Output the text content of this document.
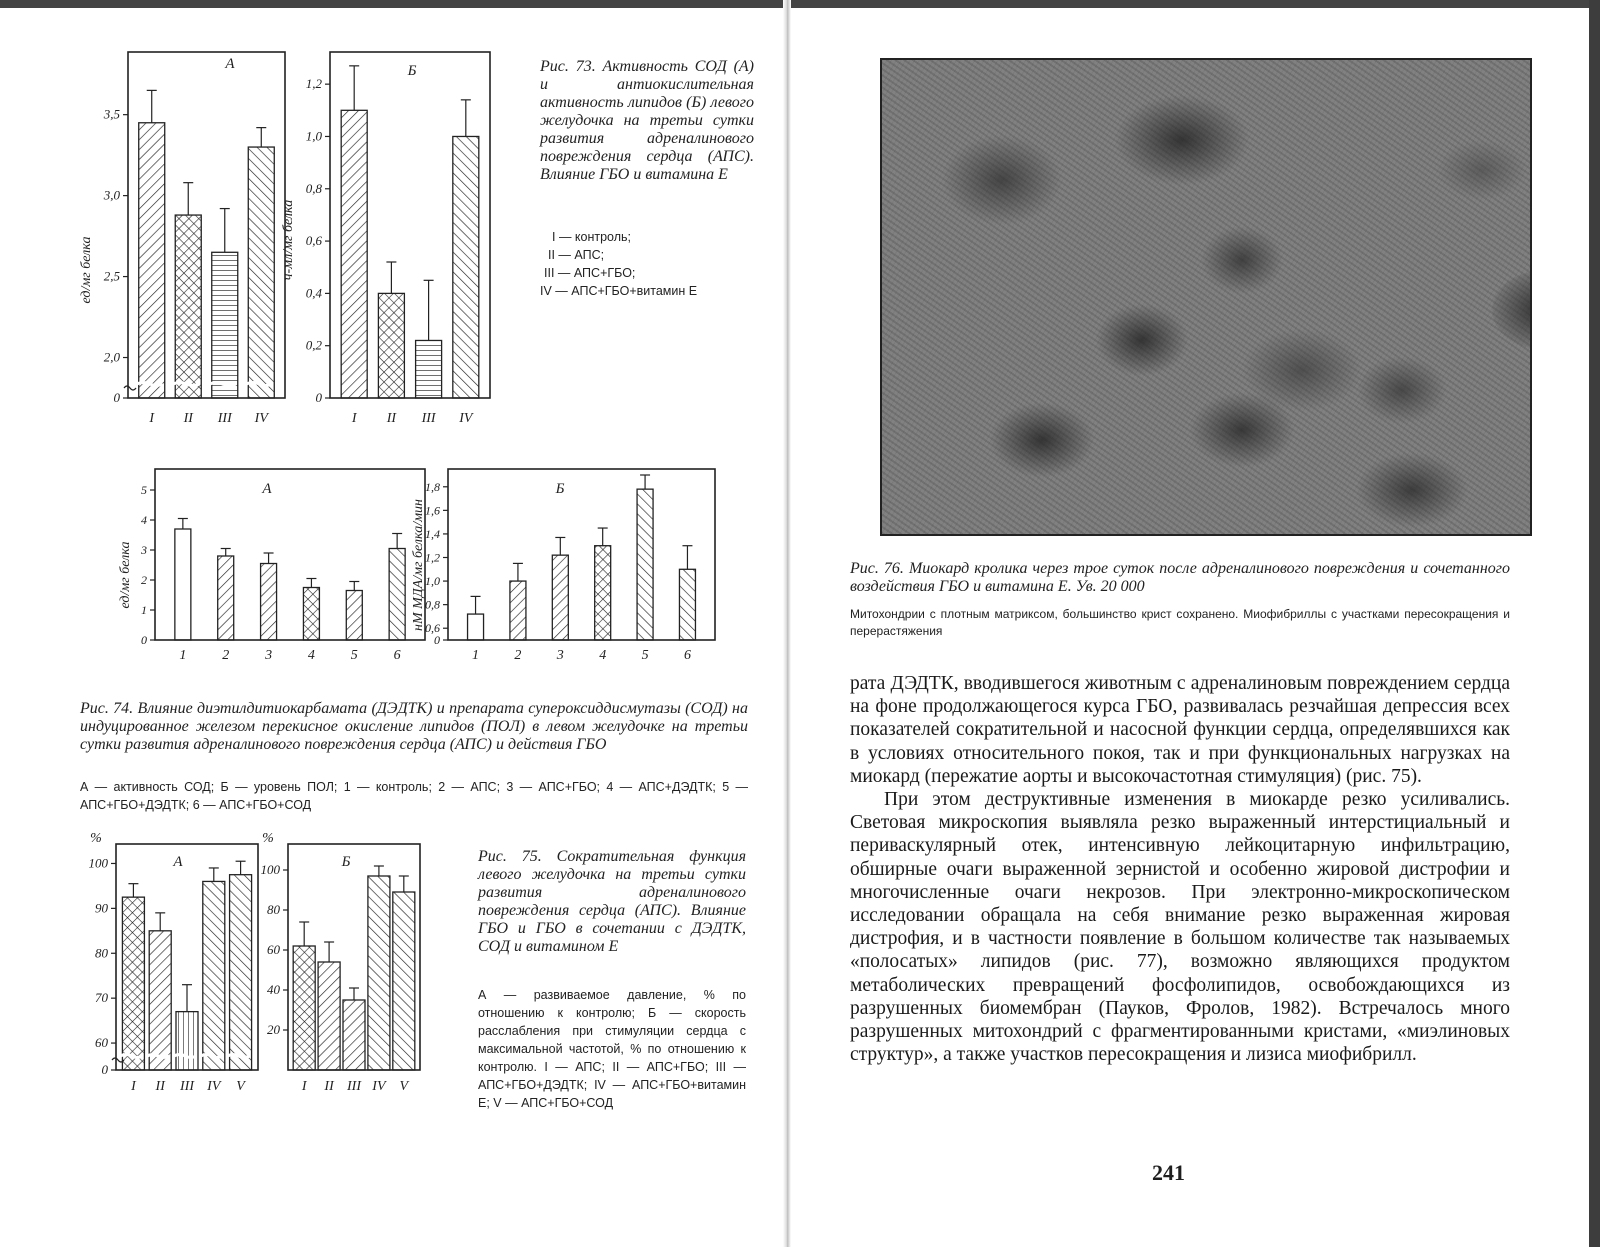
0
2,0
2,5
3,0
3,5
I II III IV
А
ед/мг белка
0
0,2
0,4
0,6
0,8
1,0
1,2
I II III IV
Б
ч-мл/мг белка
0
1
2
3
4
5
1	2	3	4	5	6
А
ед/мг белка
0
0,6
0,8
1,0
1,2
1,4
1,6
1,8
1	2	3	4	5	6
Б
нМ МДА/мг белка/мин
0
60
70
80
90
100
I II III IV V
А
%
20
40
60
80
100
I II III IV V
Б
%
Рис. 73. Активность СОД (А) и антиокислительная активность липидов (Б) левого желудочка на третьи сутки развития адреналинового повреждения сердца (АПС). Влияние ГБО и витамина Е
I — контроль;
II — АПС;
III — АПС+ГБО;
IV — АПС+ГБО+витамин Е
Рис. 74. Влияние диэтилдитиокарбамата (ДЭДТК) и препарата супероксиддисмутазы (СОД) на индуцированное железом перекисное окисление липидов (ПОЛ) в левом желудочке на третьи сутки развития адреналинового повреждения сердца (АПС) и действия ГБО
А — активность СОД; Б — уровень ПОЛ; 1 — контроль; 2 — АПС; 3 — АПС+ГБО; 4 — АПС+ДЭДТК; 5 — АПС+ГБО+ДЭДТК; 6 — АПС+ГБО+СОД
Рис. 75. Сократительная функция левого желудочка на третьи сутки развития адреналинового повреждения сердца (АПС). Влияние ГБО и ГБО в сочетании с ДЭДТК, СОД и витамином Е
А — развиваемое давление, % по отношению к контролю; Б — скорость расслабления при стимуляции сердца с максимальной частотой, % по отношению к контролю. I — АПС; II — АПС+ГБО; III — АПС+ГБО+ДЭДТК; IV — АПС+ГБО+витамин Е; V — АПС+ГБО+СОД
Рис. 76. Миокард кролика через трое суток после адреналинового повреждения и сочетанного воздействия ГБО и витамина Е. Ув. 20 000
Митохондрии с плотным матриксом, большинство крист сохранено. Миофибриллы с участками пересокращения и перерастяжения

рата ДЭДТК, вводившегося животным с адреналиновым повреждением сердца на фоне продолжающегося курса ГБО, развивалась резчайшая депрессия всех показателей сократительной и насосной функции сердца, определявшихся как в условиях относительного покоя, так и при функциональных нагрузках на миокард (пережатие аорты и высокочастотная стимуляция) (рис. 75).

При этом деструктивные изменения в миокарде резко усиливались. Световая микроскопия выявляла резко выраженный интерстициальный и периваскулярный отек, интенсивную лейкоцитарную инфильтрацию, обширные очаги выраженной зернистой и особенно жировой дистрофии и многочисленные очаги некрозов. При электронно-микроскопическом исследовании обращала на себя внимание резко выраженная жировая дистрофия, и в частности появление в большом количестве так называемых «полосатых» липидов (рис. 77), возможно являющихся продуктом метаболических превращений фосфолипидов, освобождающихся из разрушенных биомембран (Пауков, Фролов, 1982). Встречалось много разрушенных митохондрий с фрагментированными кристами, «миэлиновых структур», а также участков пересокращения и лизиса миофибрилл.

241
